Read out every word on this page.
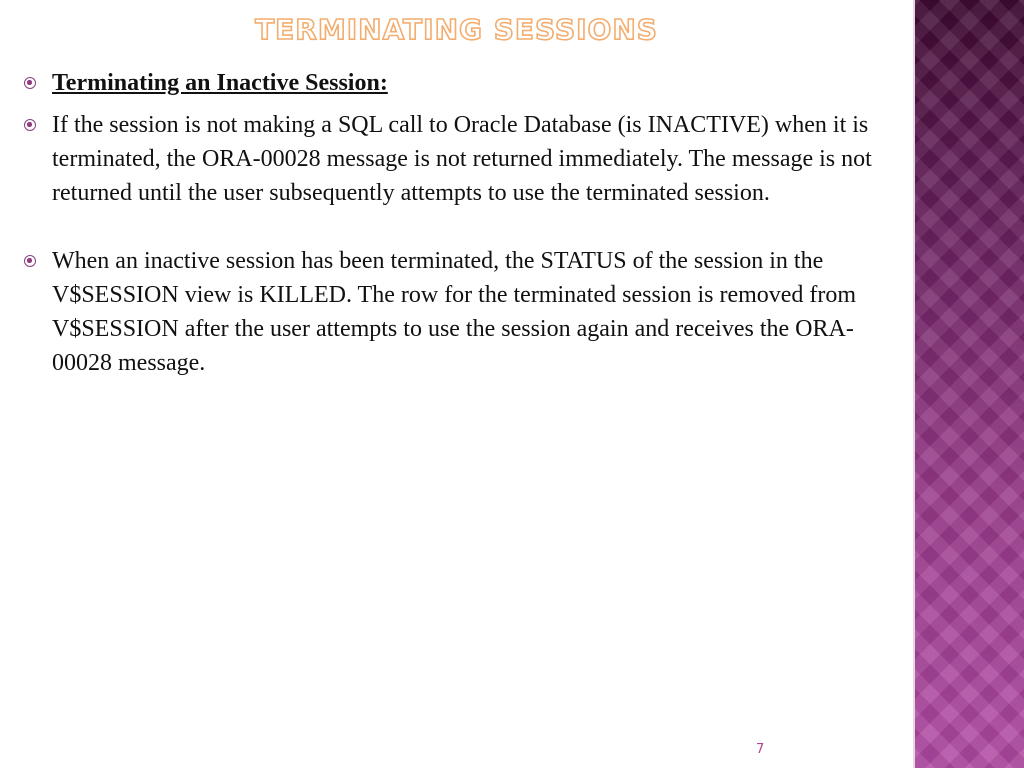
TERMINATING SESSIONS
Terminating an Inactive Session:
If the session is not making a SQL call to Oracle Database (is INACTIVE) when it is terminated, the ORA-00028 message is not returned immediately. The message is not returned until the user subsequently attempts to use the terminated session.
When an inactive session has been terminated, the STATUS of the session in the V$SESSION view is KILLED. The row for the terminated session is removed from V$SESSION after the user attempts to use the session again and receives the ORA-00028 message.
7
